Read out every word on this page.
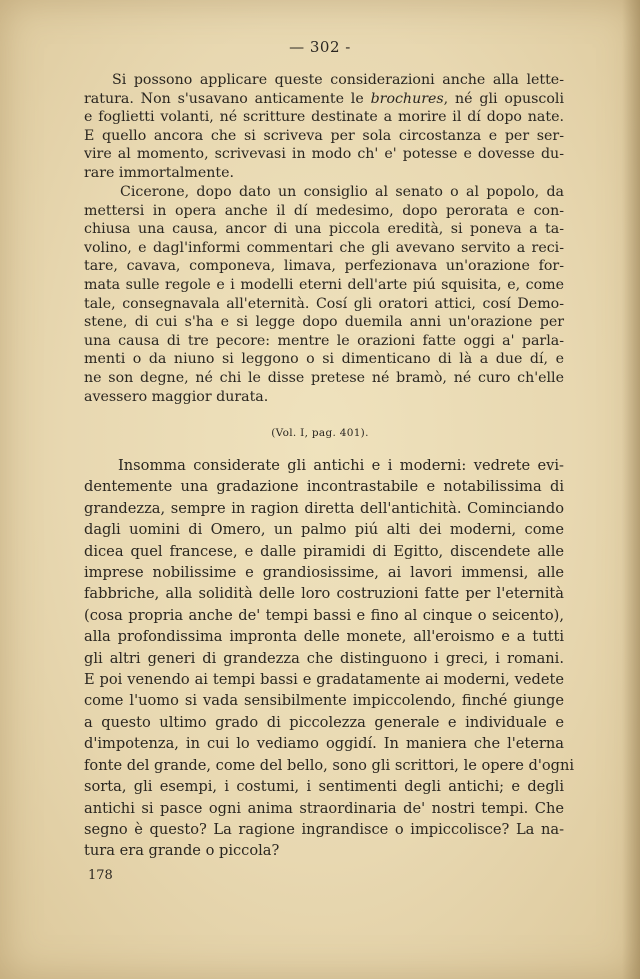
— 302 -
Si possono applicare queste considerazioni anche alla lette-
ratura. Non s'usavano anticamente le brochures, né gli opuscoli
e foglietti volanti, né scritture destinate a morire il dí dopo nate.
E quello ancora che si scriveva per sola circostanza e per ser-
vire al momento, scrivevasi in modo ch' e' potesse e dovesse du-
rare immortalmente.
Cicerone, dopo dato un consiglio al senato o al popolo, da
mettersi in opera anche il dí medesimo, dopo perorata e con-
chiusa una causa, ancor di una piccola eredità, si poneva a ta-
volino, e dagl'informi commentari che gli avevano servito a reci-
tare, cavava, componeva, limava, perfezionava un'orazione for-
mata sulle regole e i modelli eterni dell'arte piú squisita, e, come
tale, consegnavala all'eternità. Cosí gli oratori attici, cosí Demo-
stene, di cui s'ha e si legge dopo duemila anni un'orazione per
una causa di tre pecore: mentre le orazioni fatte oggi a' parla-
menti o da niuno si leggono o si dimenticano di là a due dí, e
ne son degne, né chi le disse pretese né bramò, né curo ch'elle
avessero maggior durata.
(Vol. I, pag. 401).
Insomma considerate gli antichi e i moderni: vedrete evi-
dentemente una gradazione incontrastabile e notabilissima di
grandezza, sempre in ragion diretta dell'antichità. Cominciando
dagli uomini di Omero, un palmo piú alti dei moderni, come
dicea quel francese, e dalle piramidi di Egitto, discendete alle
imprese nobilissime e grandiosissime, ai lavori immensi, alle
fabbriche, alla solidità delle loro costruzioni fatte per l'eternità
(cosa propria anche de' tempi bassi e fino al cinque o seicento),
alla profondissima impronta delle monete, all'eroismo e a tutti
gli altri generi di grandezza che distinguono i greci, i romani.
E poi venendo ai tempi bassi e gradatamente ai moderni, vedete
come l'uomo si vada sensibilmente impiccolendo, finché giunge
a questo ultimo grado di piccolezza generale e individuale e
d'impotenza, in cui lo vediamo oggidí. In maniera che l'eterna
fonte del grande, come del bello, sono gli scrittori, le opere d'ogni
sorta, gli esempi, i costumi, i sentimenti degli antichi; e degli
antichi si pasce ogni anima straordinaria de' nostri tempi. Che
segno è questo? La ragione ingrandisce o impiccolisce? La na-
tura era grande o piccola?
178
